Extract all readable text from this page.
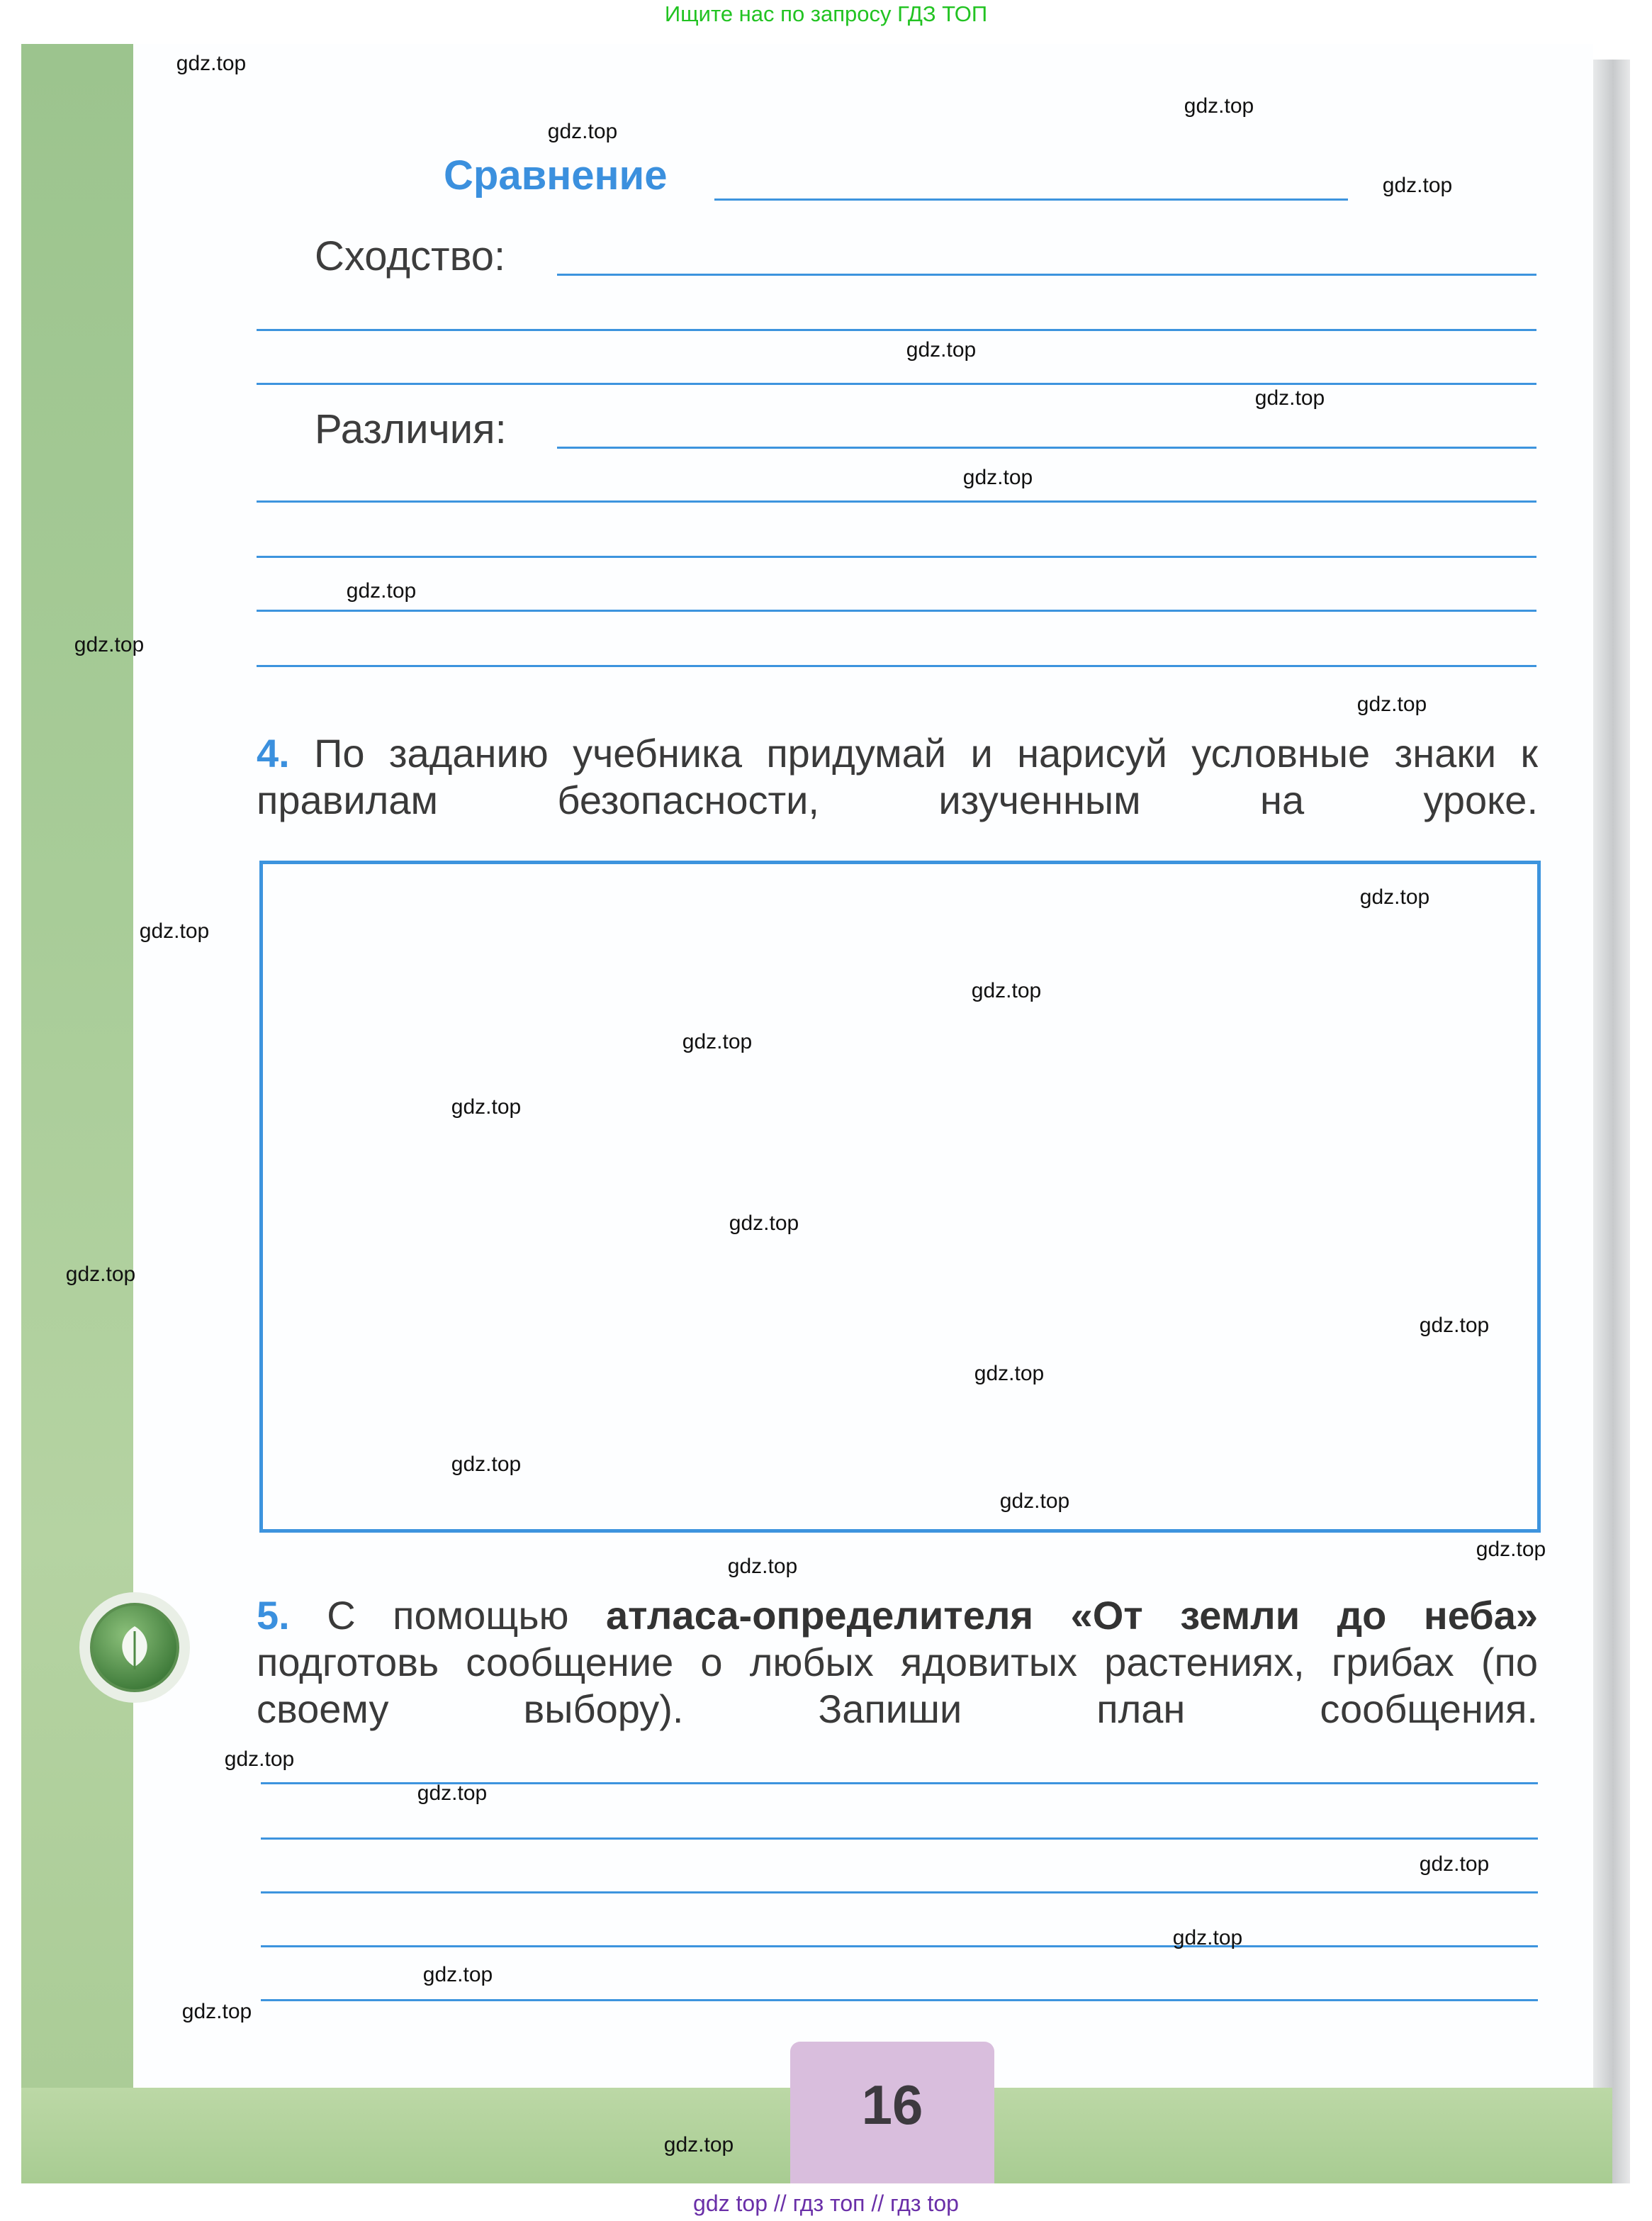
Ищите нас по запросу ГДЗ ТОП
16
Сравнение
Сходство:
Различия:
4. По заданию учебника придумай и нарисуй условные знаки к правилам безопасности, изученным на уроке.
5. С помощью атласа-определителя «От земли до неба» подготовь сообщение о любых ядовитых растениях, грибах (по своему выбору). Запиши план сообщения.
gdz.top
gdz.top
gdz.top
gdz.top
gdz.top
gdz.top
gdz.top
gdz.top
gdz.top
gdz.top
gdz.top
gdz.top
gdz.top
gdz.top
gdz.top
gdz.top
gdz.top
gdz.top
gdz.top
gdz.top
gdz.top
gdz.top
gdz.top
gdz.top
gdz.top
gdz.top
gdz.top
gdz.top
gdz.top
gdz.top
gdz top // гдз топ // гдз top
